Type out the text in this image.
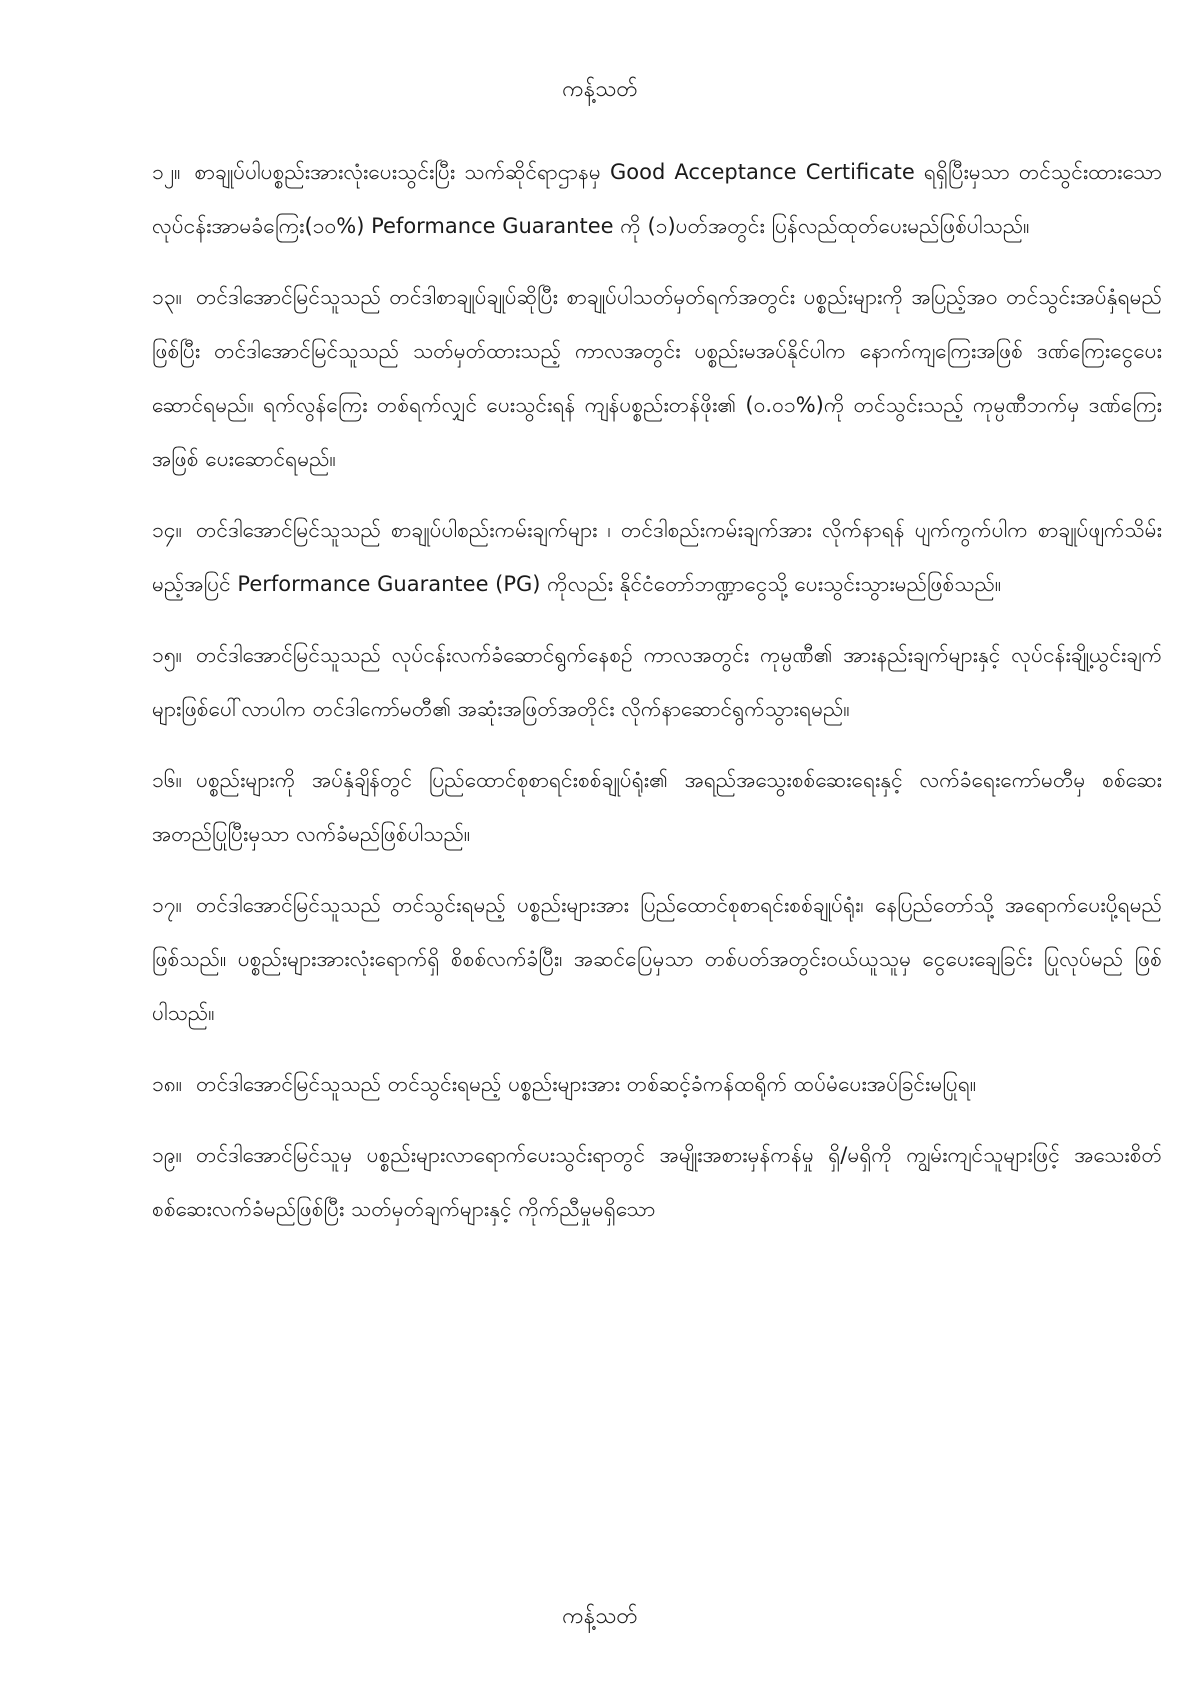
ကန့်သတ်

၁၂။ စာချုပ်ပါပစ္စည်းအားလုံးပေးသွင်းပြီး သက်ဆိုင်ရာဌာနမှ Good Acceptance Certificate ရရှိပြီးမှသာ တင်သွင်းထားသော လုပ်ငန်းအာမခံကြေး(၁၀%) Peformance Guarantee ကို (၁)ပတ်အတွင်း ပြန်လည်ထုတ်ပေးမည်ဖြစ်ပါသည်။

၁၃။ တင်ဒါအောင်မြင်သူသည် တင်ဒါစာချုပ်ချုပ်ဆိုပြီး စာချုပ်ပါသတ်မှတ်ရက်အတွင်း ပစ္စည်းများကို အပြည့်အဝ တင်သွင်းအပ်နှံရမည်ဖြစ်ပြီး တင်ဒါအောင်မြင်သူသည် သတ်မှတ်ထားသည့် ကာလအတွင်း ပစ္စည်းမအပ်နိုင်ပါက နောက်ကျကြေးအဖြစ် ဒဏ်ကြေးငွေပေးဆောင်ရမည်။ ရက်လွန်ကြေး တစ်ရက်လျှင် ပေးသွင်းရန် ကျန်ပစ္စည်းတန်ဖိုး၏ (၀.၀၁%)ကို တင်သွင်းသည့် ကုမ္ပဏီဘက်မှ ဒဏ်ကြေးအဖြစ် ပေးဆောင်ရမည်။

၁၄။ တင်ဒါအောင်မြင်သူသည် စာချုပ်ပါစည်းကမ်းချက်များ ၊ တင်ဒါစည်းကမ်းချက်အား လိုက်နာရန် ပျက်ကွက်ပါက စာချုပ်ဖျက်သိမ်းမည့်အပြင် Performance Guarantee (PG) ကိုလည်း နိုင်ငံတော်ဘဏ္ဍာငွေသို့ ပေးသွင်းသွားမည်ဖြစ်သည်။

၁၅။ တင်ဒါအောင်မြင်သူသည် လုပ်ငန်းလက်ခံဆောင်ရွက်နေစဉ် ကာလအတွင်း ကုမ္ပဏီ၏ အားနည်းချက်များနှင့် လုပ်ငန်းချို့ယွင်းချက်များဖြစ်ပေါ်လာပါက တင်ဒါကော်မတီ၏ အဆုံးအဖြတ်အတိုင်း လိုက်နာဆောင်ရွက်သွားရမည်။

၁၆။ ပစ္စည်းများကို အပ်နှံချိန်တွင် ပြည်ထောင်စုစာရင်းစစ်ချုပ်ရုံး၏ အရည်အသွေးစစ်ဆေးရေးနှင့် လက်ခံရေးကော်မတီမှ စစ်ဆေးအတည်ပြုပြီးမှသာ လက်ခံမည်ဖြစ်ပါသည်။

၁၇။ တင်ဒါအောင်မြင်သူသည် တင်သွင်းရမည့် ပစ္စည်းများအား ပြည်ထောင်စုစာရင်းစစ်ချုပ်ရုံး၊ နေပြည်တော်သို့ အရောက်ပေးပို့ရမည်ဖြစ်သည်။ ပစ္စည်းများအားလုံးရောက်ရှိ စိစစ်လက်ခံပြီး၊ အဆင်ပြေမှသာ တစ်ပတ်အတွင်းဝယ်ယူသူမှ ငွေပေးချေခြင်း ပြုလုပ်မည် ဖြစ်ပါသည်။

၁၈။ တင်ဒါအောင်မြင်သူသည် တင်သွင်းရမည့် ပစ္စည်းများအား တစ်ဆင့်ခံကန်ထရိုက် ထပ်မံပေးအပ်ခြင်းမပြုရ။

၁၉။ တင်ဒါအောင်မြင်သူမှ ပစ္စည်းများလာရောက်ပေးသွင်းရာတွင် အမျိုးအစားမှန်ကန်မှု ရှိ/မရှိကို ကျွမ်းကျင်သူများဖြင့် အသေးစိတ်စစ်ဆေးလက်ခံမည်ဖြစ်ပြီး သတ်မှတ်ချက်များနှင့် ကိုက်ညီမှုမရှိသော

ကန့်သတ်
